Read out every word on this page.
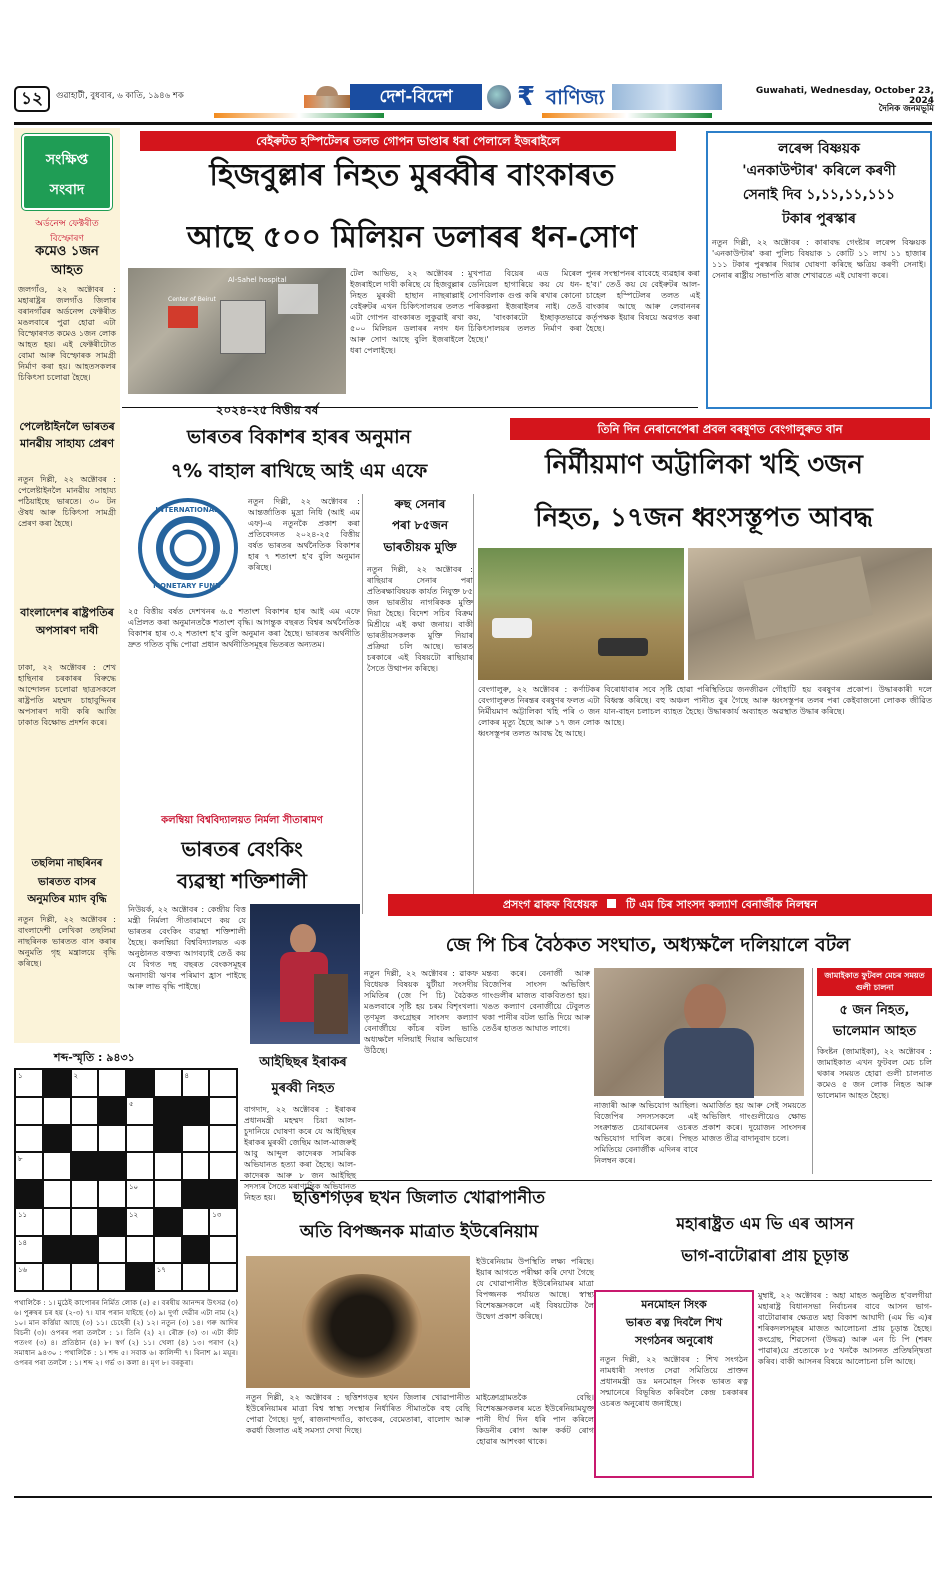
১২	গুৱাহাটী, বুধবাৰ, ৬ কাতি, ১৯৪৬ শক	দেশ-বিদেশ	₹ বাণিজ্য	Guwahati, Wednesday, October 23, 2024
দৈনিক জনমভূমি
সংক্ষিপ্ত
সংবাদ
অৰ্ডনেন্স ফেক্টৰীত বিস্ফোৰণ
কমেও ১জন আহত
জলগাঁও, ২২ অক্টোবৰ : মহাৰাষ্ট্ৰৰ জলগাঁও জিলাৰ বৰানগাঁৱৰ অৰ্ডনেন্স ফেক্টৰীত মঙলবাৰে পুৱা হোৱা এটা বিস্ফোৰণত কমেও ১জন লোক আহত হয়। এই ফেক্টৰীটোত বোমা আৰু বিস্ফোৰক সামগ্ৰী নিৰ্মাণ কৰা হয়। আহতসকলৰ চিকিৎসা চলোৱা হৈছে।
পেলেষ্টাইনলৈ ভাৰতৰ মানৱীয় সাহায্য প্ৰেৰণ
নতুন দিল্লী, ২২ অক্টোবৰ : পেলেষ্টাইনলৈ মানৱীয় সাহায্য পঠিয়াইছে ভাৰতে। ৩০ টন ঔষধ আৰু চিকিৎসা সামগ্ৰী প্ৰেৰণ কৰা হৈছে।
বাংলাদেশৰ ৰাষ্ট্ৰপতিৰ অপসাৰণ দাবী
ঢাকা, ২২ অক্টোবৰ : শেখ হাছিনাৰ চৰকাৰৰ বিৰুদ্ধে আন্দোলন চলোৱা ছাত্ৰসকলে ৰাষ্ট্ৰপতি মহম্মদ চাহাবুদ্দিনৰ অপসাৰণ দাবী কৰি আজি ঢাকাত বিক্ষোভ প্ৰদৰ্শন কৰে।
তছলিমা নাছৰিনৰ
ভাৰতত বাসৰ অনুমতিৰ ম্যাদ বৃদ্ধি
নতুন দিল্লী, ২২ অক্টোবৰ : বাংলাদেশী লেখিকা তছলিমা নাছৰিনক ভাৰতত বাস কৰাৰ অনুমতি গৃহ মন্ত্ৰালয়ে বৃদ্ধি কৰিছে।
বেইৰুটত হস্পিটেলৰ তলত গোপন ভাণ্ডাৰ ধৰা পেলালে ইজৰাইলে
হিজবুল্লাৰ নিহত মুৰব্বীৰ বাংকাৰত
আছে ৫০০ মিলিয়ন ডলাৰৰ ধন-সোণ
Al-Sahel hospital
Center of Beirut
টেল আভিভ, ২২ অক্টোবৰ : ইজৰাইলে দাবী কৰিছে যে হিজবুল্লাৰ নিহত মুৰব্বী হাছান নাছৰাল্লাই বেইৰুটৰ এখন চিকিৎসালয়ৰ তলত এটা গোপন বাংকাৰত লুকুৱাই ৰখা ৫০০ মিলিয়ন ডলাৰৰ নগদ ধন আৰু সোণ আছে বুলি ইজৰাইলে ধৰা পেলাইছে।
মুখপাত্ৰ বিয়েৰ এড মিৰেল ডেনিয়েল হাগাৰিয়ে কয় যে ধন-সোণবিলাক গুপ্ত কৰি ৰখাৰ কোনো পৰিকল্পনা ইজৰাইলৰ নাই। তেওঁ কয়, 'বাংকাৰটো ইচ্ছাকৃতভাৱে চিকিৎসালয়ৰ তলত নিৰ্মাণ কৰা হৈছে।'
পুনৰ সংস্থাপনৰ বাবেহে ব্যৱহাৰ কৰা হ'ব।' তেওঁ কয় যে বেইৰুটৰ আল-চাহেল হস্পিটেলৰ তলত এই বাংকাৰ আছে আৰু লেবাননৰ কৰ্তৃপক্ষক ইয়াৰ বিষয়ে অৱগত কৰা হৈছে।
লৰেন্স বিষ্ণয়ক
'এনকাউণ্টাৰ' কৰিলে কৰণী
সেনাই দিব ১,১১,১১,১১১
টকাৰ পুৰস্কাৰ
নতুন দিল্লী, ২২ অক্টোবৰ : কাৰাবদ্ধ গেংষ্টাৰ লৰেন্স বিষ্ণয়ক 'এনকাউণ্টাৰ' কৰা পুলিচ বিষয়াক ১ কোটি ১১ লাখ ১১ হাজাৰ ১১১ টকাৰ পুৰস্কাৰ দিয়াৰ ঘোষণা কৰিছে ক্ষত্ৰিয় কৰণী সেনাই। সেনাৰ ৰাষ্ট্ৰীয় সভাপতি ৰাজ শেখাৱতে এই ঘোষণা কৰে।
২০২৪-২৫ বিত্তীয় বৰ্ষ
ভাৰতৰ বিকাশৰ হাৰৰ অনুমান
৭% বাহাল ৰাখিছে আই এম এফে
INTERNATIONAL
MONETARY FUND
নতুন দিল্লী, ২২ অক্টোবৰ : আন্তৰ্জাতিক মুদ্ৰা নিধি (আই এম এফ)-এ নতুনকৈ প্ৰকাশ কৰা প্ৰতিবেদনত ২০২৪-২৫ বিত্তীয় বৰ্ষত ভাৰতৰ অৰ্থনৈতিক বিকাশৰ হাৰ ৭ শতাংশ হ'ব বুলি অনুমান কৰিছে।
২৫ বিত্তীয় বৰ্ষত দেশখনৰ ৬.৫ শতাংশ বিকাশৰ হাৰ আই এম এফে এপ্ৰিলত কৰা অনুমানতকৈ শতাংশ বৃদ্ধি। আগন্তুক বছৰত বিশ্বৰ অৰ্থনৈতিক বিকাশৰ হাৰ ৩.২ শতাংশ হ'ব বুলি অনুমান কৰা হৈছে। ভাৰতৰ অৰ্থনীতি দ্ৰুত গতিত বৃদ্ধি পোৱা প্ৰধান অৰ্থনীতিসমূহৰ ভিতৰত অন্যতম।
ৰুছ সেনাৰ
পৰা ৮৫জন
ভাৰতীয়ক মুক্তি
নতুন দিল্লী, ২২ অক্টোবৰ : ৰাছিয়াৰ সেনাৰ পৰা প্ৰতিৰক্ষাবিষয়ক কাৰ্যত নিযুক্ত ৮৫ জন ভাৰতীয় নাগৰিকক মুক্তি দিয়া হৈছে। বিদেশ সচিব বিক্ৰম মিশ্ৰীয়ে এই কথা জনায়। বাকী ভাৰতীয়সকলক মুক্তি দিয়াৰ প্ৰক্ৰিয়া চলি আছে। ভাৰত চৰকাৰে এই বিষয়টো ৰাছিয়াৰ সৈতে উত্থাপন কৰিছে।
তিনি দিন নেৰানেপেৰা প্ৰবল বৰষুণত বেংগালুৰুত বান
নিৰ্মীয়মাণ অট্টালিকা খহি ৩জন
নিহত, ১৭জন ধ্বংসস্তূপত আবদ্ধ
বেংগালুৰু, ২২ অক্টোবৰ : কৰ্ণাটকৰ বেংগালুৰুত নিৰন্তৰ বৰষুণৰ ফলত এটা নিৰ্মীয়মাণ অট্টালিকা খহি পৰি ৩ জন লোকৰ মৃত্যু হৈছে আৰু ১৭ জন লোক ধ্বংসস্তূপৰ তলত আবদ্ধ হৈ আছে।
বিৰোধাবাৰ সবে সৃষ্টি হোৱা পৰিস্থিতিয়ে জনজীৱন বিধ্বস্ত কৰিছে। বহু অঞ্চল পানীত বুৰ গৈছে আৰু যান-বাহন চলাচল ব্যাহত হৈছে। উদ্ধাৰকাৰ্য অব্যাহত আছে।
গৌহাটি হয় বৰষুণৰ প্ৰকোপ। উদ্ধাৰকাৰী দলে ধ্বংসস্তূপৰ তলৰ পৰা কেইবাজনো লোকক জীৱিত অৱস্থাত উদ্ধাৰ কৰিছে।
কলম্বিয়া বিশ্ববিদ্যালয়ত নিৰ্মলা সীতাৰামণ
ভাৰতৰ বেংকিং
ব্যৱস্থা শক্তিশালী
নিউয়ৰ্ক, ২২ অক্টোবৰ : কেন্দ্ৰীয় বিত্ত মন্ত্ৰী নিৰ্মলা সীতাৰামণে কয় যে ভাৰতৰ বেংকিং ব্যৱস্থা শক্তিশালী হৈছে। কলম্বিয়া বিশ্ববিদ্যালয়ত এক অনুষ্ঠানত বক্তব্য আগবঢ়াই তেওঁ কয় যে বিগত দহ বছৰত বেংকসমূহৰ অনাদায়ী ঋণৰ পৰিমাণ হ্ৰাস পাইছে আৰু লাভ বৃদ্ধি পাইছে।
প্ৰসংগ ৱাকফ বিধেয়ক	টি এম চিৰ সাংসদ কল্যাণ বেনাৰ্জীক নিলম্বন
জে পি চিৰ বৈঠকত সংঘাত, অধ্যক্ষলৈ দলিয়ালে বটল
নতুন দিল্লী, ২২ অক্টোবৰ : ৱাকফ বিধেয়ক বিষয়ক যুটীয়া সংসদীয় সমিতিৰ (জে পি চি) বৈঠকত মঙলবাৰে সৃষ্টি হয় চৰম বিশৃংখলা। তৃণমূল কংগ্ৰেছৰ সাংসদ কল্যাণ বেনাৰ্জীয়ে কাঁচৰ বটল ভাঙি অধ্যক্ষলৈ দলিয়াই দিয়াৰ অভিযোগ উঠিছে।
মন্তব্য কৰে। বেনাৰ্জী আৰু বিজেপিৰ সাংসদ অভিজিৎ গাংগুলীৰ মাজত বাকবিতণ্ডা হয়। খঙত কল্যাণ বেনাৰ্জীয়ে টেবুলত থকা পানীৰ বটল ভাঙি দিয়ে আৰু তেওঁৰ হাতত আঘাত লাগে।
নাজাৰী আৰু অভিযোগ আছিল। বিজেপিৰ সদস্যসকলে এই সংক্ৰান্তত চেয়াৰমেনৰ ওচৰত অভিযোগ দাখিল কৰে। পিছত সমিতিয়ে বেনাৰ্জীক এদিনৰ বাবে নিলম্বন কৰে।
অমাৰ্জিত হয় আৰু সেই সময়তে অভিজিৎ গাংগুলীয়েও ক্ষোভ প্ৰকাশ কৰে। দুয়োজন সাংসদৰ মাজত তীব্ৰ বাদানুবাদ চলে।
জামাইকাত ফুটবল মেচৰ সময়ত গুলী চালনা
৫ জন নিহত,
ভালেমান আহত
কিংষ্টন (জামাইকা), ২২ অক্টোবৰ : জামাইকাত এখন ফুটবল মেচ চলি থকাৰ সময়ত হোৱা গুলী চালনাত কমেও ৫ জন লোক নিহত আৰু ভালেমান আহত হৈছে।
শব্দ-স্মৃতি : ৯৪৩১
১	২	৪
৫
৮
১০
১১	১২	১৩
১৪
১৬	১৭
পথালিকৈ : ১। মুঠেই কাপোৰৰ নিৰ্মিত লোক (৫) ৫। বৰষীয় আনন্দৰ উৎসৱ (৩) ৬। পুৰুষৰ চৰ হয় (২-৩) ৭। যাৰ পৰান যাইছে (৩) ৯। দুৰ্গা দেৱীৰ এটা নাম (২) ১০। মান কৰ্ত্তিয়া আছে (৩) ১১। চেহেৰী (২) ১২। নতুন (৩) ১৪। গৰু আদিৰ বিচনী (৩)। ওপৰৰ পৰা তললৈ : ১। তিনি (২) ২। ৰৌক্ৰ (৩) ৩। এটা কীট পতংগ (৩) ৪। প্ৰতিষ্ঠান (৪) ৮। স্বৰ্গ (২) ১১। খেলা (৪) ১৩। পৰাণ (২) সমাধান ৯৪৩০ : পথালিকৈ : ১। শব্দ ৫। সবাক ৬। কালিন্দী ৭। বিনাশ ৯। ময়ূৰ। ওপৰৰ পৰা তললৈ : ১। শব্দ ২। গৰ্ভ ৩। কলা ৪। মৃগ ৮। বৰকুৰা।
আইছিছৰ ইৰাকৰ
মুৰব্বী নিহত
বাগদাদ, ২২ অক্টোবৰ : ইৰাকৰ প্ৰধানমন্ত্ৰী মহম্মদ চিয়া আল-চুদানিয়ে ঘোষণা কৰে যে আইছিছৰ ইৰাকৰ মুৰব্বী জেছিম আল-মাজৰুই আবু আব্দুল কাদেৰক সামৰিক অভিযানত হত্যা কৰা হৈছে। আল-কাদেৰক আৰু ৮ জন আইছিছ সদস্যৰ সৈতে মৰাণান্তিক অভিযানত নিহত হয়।	ছত্তিশগড়ৰ ছখন জিলাত খোৱাপানীত
অতি বিপজ্জনক মাত্ৰাত ইউৰেনিয়াম
ইউৰেনিয়াম উপস্থিতি লক্ষ্য পৰিছে। ইয়াৰ আগতে পৰীক্ষা কৰি দেখা গৈছে যে খোৱাপানীত ইউৰেনিয়ামৰ মাত্ৰা বিপজ্জনক পৰ্যায়ত আছে। স্বাস্থ্য বিশেষজ্ঞসকলে এই বিষয়টোক লৈ উদ্বেগ প্ৰকাশ কৰিছে।
নতুন দিল্লী, ২২ অক্টোবৰ : ছত্তিশগড়ৰ ছখন জিলাৰ খোৱাপানীত ইউৰেনিয়ামৰ মাত্ৰা বিশ্ব স্বাস্থ্য সংস্থাৰ নিৰ্ধাৰিত সীমাতকৈ বহু বেছি পোৱা গৈছে। দুৰ্গ, ৰাজনান্দগাঁও, কাংকেৰ, বেমেতাৰা, বালোদ আৰু কৱৰ্ধা জিলাত এই সমস্যা দেখা দিছে।
মাইক্ৰোগ্ৰামতকৈ বেছি। বিশেষজ্ঞসকলৰ মতে ইউৰেনিয়ামযুক্ত পানী দীৰ্ঘ দিন ধৰি পান কৰিলে কিডনীৰ ৰোগ আৰু কৰ্কট ৰোগ হোৱাৰ আশংকা থাকে।
মহাৰাষ্ট্ৰত এম ভি এৰ আসন
ভাগ-বাটোৱাৰা প্ৰায় চূড়ান্ত
মনমোহন সিংক
ভাৰত ৰত্ন দিবলৈ শিখ
সংগঠনৰ অনুৰোধ
নতুন দিল্লী, ২২ অক্টোবৰ : শিখ সংগঠন নামধাৰী সংগত সেৱা সমিতিয়ে প্ৰাক্তন প্ৰধানমন্ত্ৰী ডঃ মনমোহন সিংক ভাৰত ৰত্ন সন্মানেৰে বিভূষিত কৰিবলৈ কেন্দ্ৰ চৰকাৰৰ ওচৰত অনুৰোধ জনাইছে।
মুম্বাই, ২২ অক্টোবৰ : অহা মাহত অনুষ্ঠিত হ'বলগীয়া মহাৰাষ্ট্ৰ বিধানসভা নিৰ্বাচনৰ বাবে আসন ভাগ-বাটোৱাৰাৰ ক্ষেত্ৰত মহা বিকাশ আঘাদী (এম ভি এ)ৰ শৰিকদলসমূহৰ মাজত আলোচনা প্ৰায় চূড়ান্ত হৈছে। কংগ্ৰেছ, শিৱসেনা (উদ্ধৱ) আৰু এন চি পি (শৰদ পাৱাৰ)য়ে প্ৰত্যেকে ৮৫ খনকৈ আসনত প্ৰতিদ্বন্দ্বিতা কৰিব। বাকী আসনৰ বিষয়ে আলোচনা চলি আছে।
